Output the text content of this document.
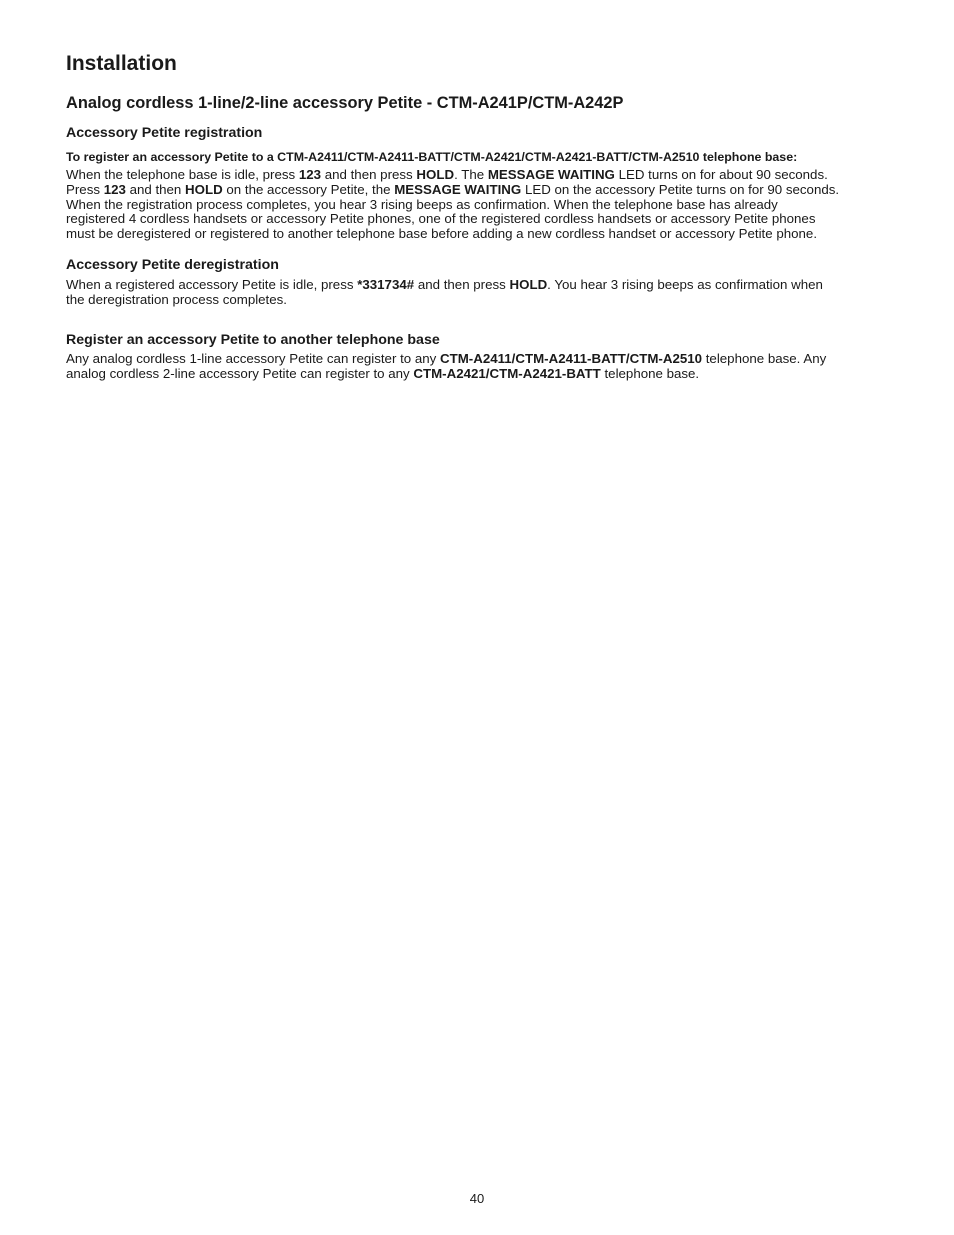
Installation
Analog cordless 1-line/2-line accessory Petite - CTM-A241P/CTM-A242P
Accessory Petite registration
To register an accessory Petite to a CTM-A2411/CTM-A2411-BATT/CTM-A2421/CTM-A2421-BATT/CTM-A2510 telephone base:
When the telephone base is idle, press 123 and then press HOLD. The MESSAGE WAITING LED turns on for about 90 seconds.
Press 123 and then HOLD on the accessory Petite, the MESSAGE WAITING LED on the accessory Petite turns on for 90 seconds.
When the registration process completes, you hear 3 rising beeps as confirmation. When the telephone base has already
registered 4 cordless handsets or accessory Petite phones, one of the registered cordless handsets or accessory Petite phones
must be deregistered or registered to another telephone base before adding a new cordless handset or accessory Petite phone.
Accessory Petite deregistration
When a registered accessory Petite is idle, press *331734# and then press HOLD. You hear 3 rising beeps as confirmation when
the deregistration process completes.
Register an accessory Petite to another telephone base
Any analog cordless 1-line accessory Petite can register to any CTM-A2411/CTM-A2411-BATT/CTM-A2510 telephone base. Any
analog cordless 2-line accessory Petite can register to any CTM-A2421/CTM-A2421-BATT telephone base.
40
